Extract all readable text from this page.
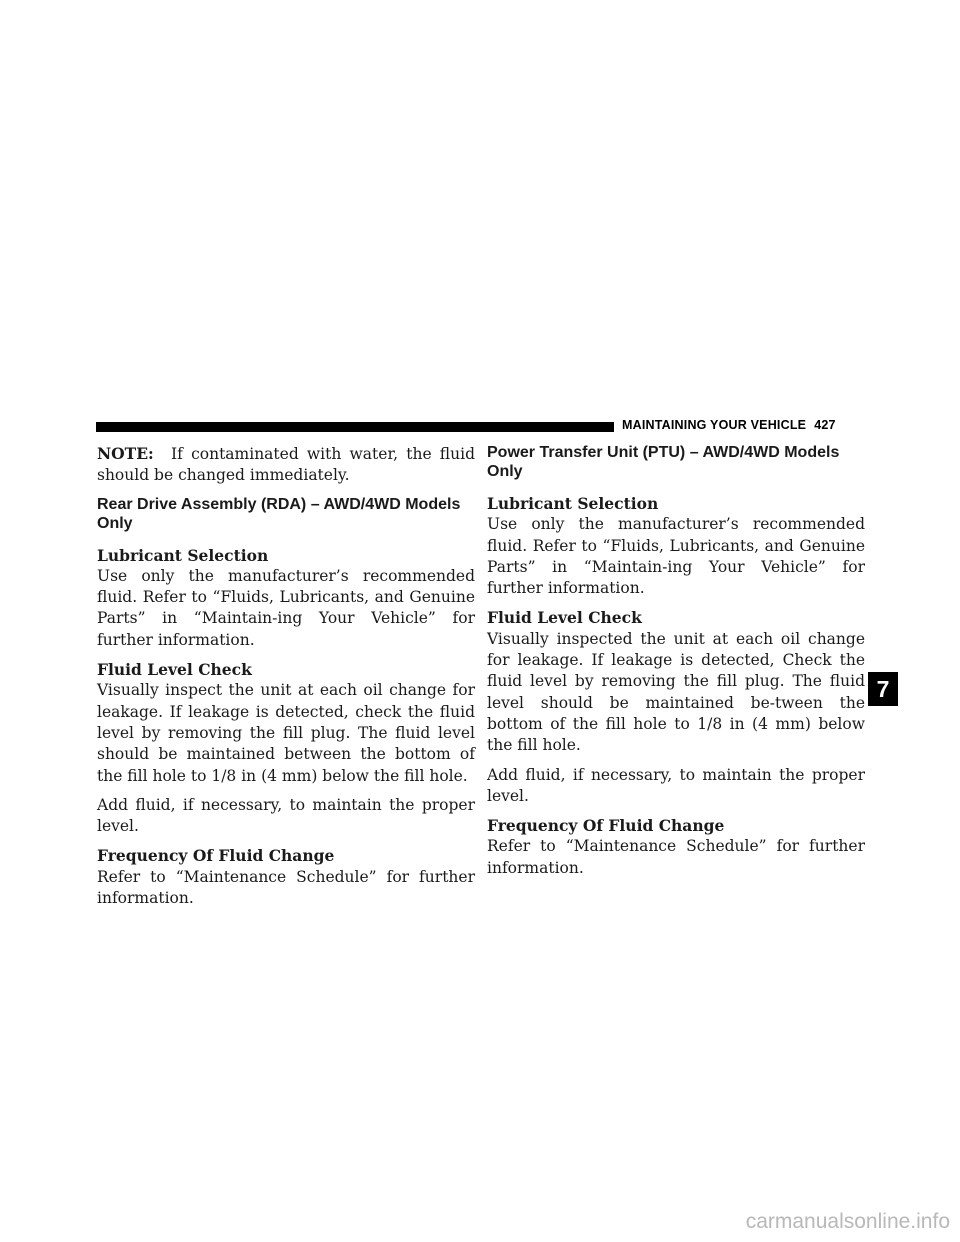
MAINTAINING YOUR VEHICLE 427

NOTE: If contaminated with water, the fluid should be changed immediately.

Rear Drive Assembly (RDA) – AWD/4WD Models Only
Lubricant Selection

Use only the manufacturer’s recommended fluid. Refer to “Fluids, Lubricants, and Genuine Parts” in “Maintain-ing Your Vehicle” for further information.

Fluid Level Check

Visually inspect the unit at each oil change for leakage. If leakage is detected, check the fluid level by removing the fill plug. The fluid level should be maintained between the bottom of the fill hole to 1/8 in (4 mm) below the fill hole.

Add fluid, if necessary, to maintain the proper level.

Frequency Of Fluid Change

Refer to “Maintenance Schedule” for further information.

Power Transfer Unit (PTU) – AWD/4WD Models Only
Lubricant Selection

Use only the manufacturer’s recommended fluid. Refer to “Fluids, Lubricants, and Genuine Parts” in “Maintain-ing Your Vehicle” for further information.

Fluid Level Check

Visually inspected the unit at each oil change for leakage. If leakage is detected, Check the fluid level by removing the fill plug. The fluid level should be maintained be-tween the bottom of the fill hole to 1/8 in (4 mm) below the fill hole.

Add fluid, if necessary, to maintain the proper level.

Frequency Of Fluid Change

Refer to “Maintenance Schedule” for further information.

7
carmanualsonline.info
